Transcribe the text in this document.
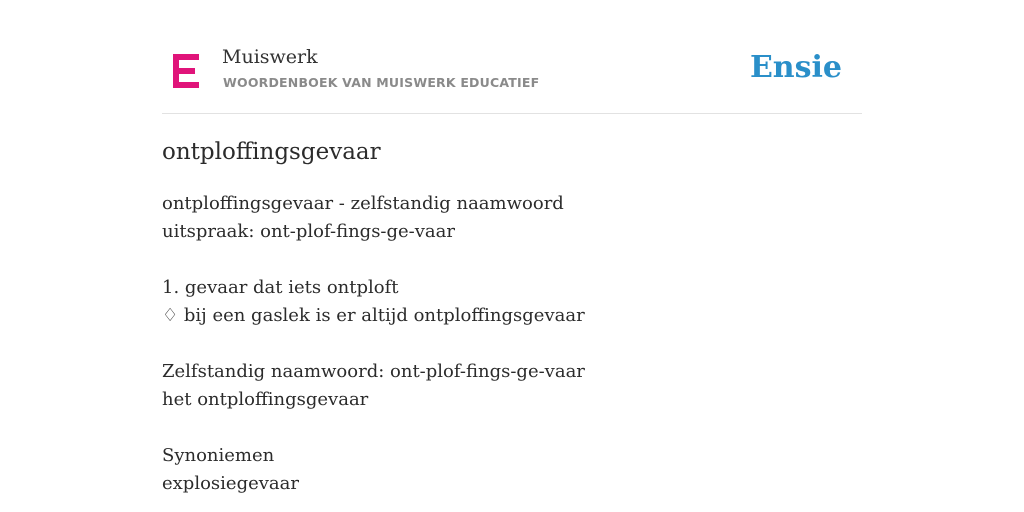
Muiswerk
WOORDENBOEK VAN MUISWERK EDUCATIEF	Ensie
ontploffingsgevaar
ontploffingsgevaar - zelfstandig naamwoord
uitspraak: ont-plof-fings-ge-vaar
1. gevaar dat iets ontploft
♢ bij een gaslek is er altijd ontploffingsgevaar
Zelfstandig naamwoord: ont-plof-fings-ge-vaar
het ontploffingsgevaar
Synoniemen
explosiegevaar
